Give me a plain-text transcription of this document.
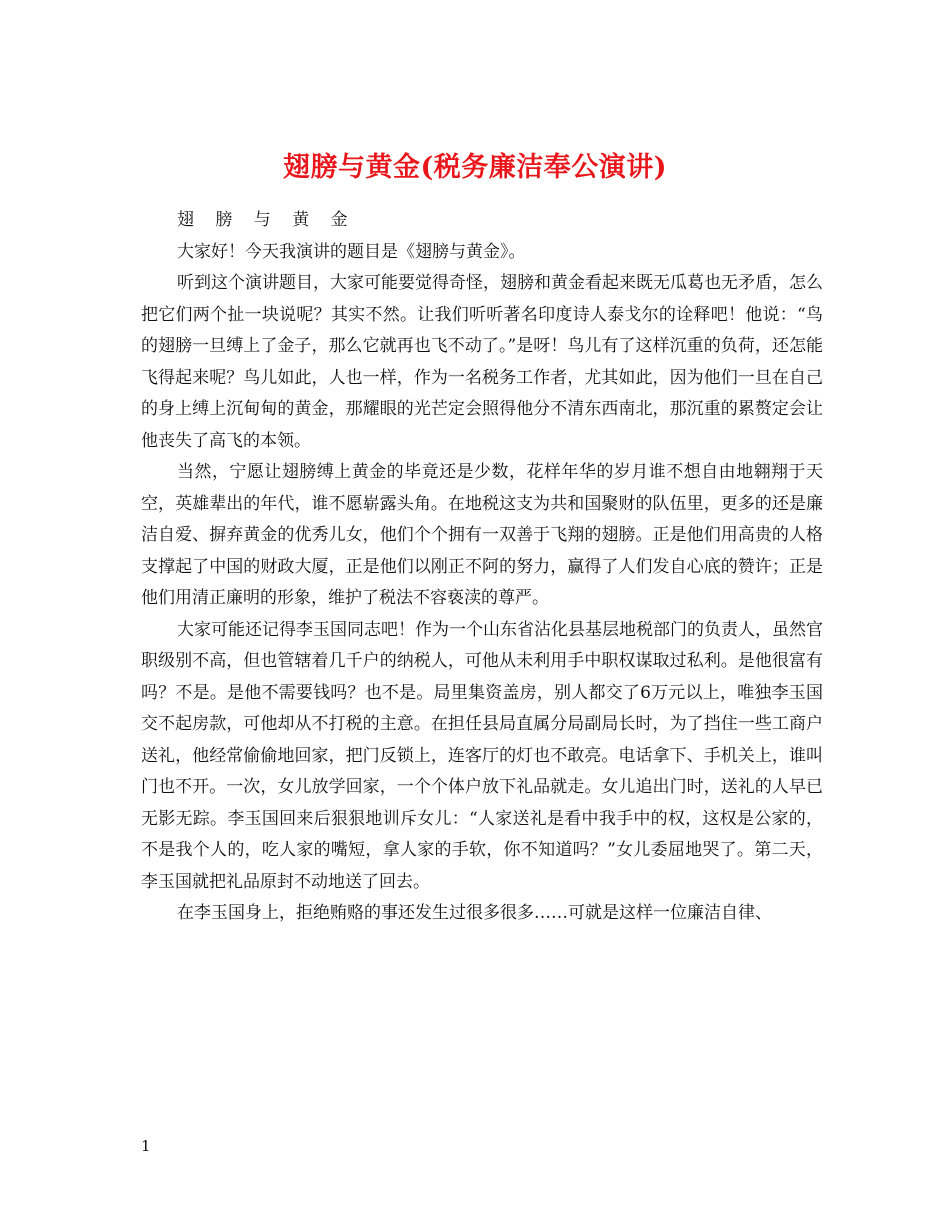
翅膀与黄金(税务廉洁奉公演讲)

翅 膀 与 黄 金

大家好！今天我演讲的题目是《翅膀与黄金》。

听到这个演讲题目，大家可能要觉得奇怪，翅膀和黄金看起来既无瓜葛也无矛盾，怎么把它们两个扯一块说呢？其实不然。让我们听听著名印度诗人泰戈尔的诠释吧！他说：“鸟的翅膀一旦缚上了金子，那么它就再也飞不动了。”是呀！鸟儿有了这样沉重的负荷，还怎能飞得起来呢？鸟儿如此，人也一样，作为一名税务工作者，尤其如此，因为他们一旦在自己的身上缚上沉甸甸的黄金，那耀眼的光芒定会照得他分不清东西南北，那沉重的累赘定会让他丧失了高飞的本领。

当然，宁愿让翅膀缚上黄金的毕竟还是少数，花样年华的岁月谁不想自由地翱翔于天空，英雄辈出的年代，谁不愿崭露头角。在地税这支为共和国聚财的队伍里，更多的还是廉洁自爱、摒弃黄金的优秀儿女，他们个个拥有一双善于飞翔的翅膀。正是他们用高贵的人格支撑起了中国的财政大厦，正是他们以刚正不阿的努力，赢得了人们发自心底的赞许；正是他们用清正廉明的形象，维护了税法不容亵渎的尊严。

大家可能还记得李玉国同志吧！作为一个山东省沾化县基层地税部门的负责人，虽然官职级别不高，但也管辖着几千户的纳税人，可他从未利用手中职权谋取过私利。是他很富有吗？不是。是他不需要钱吗？也不是。局里集资盖房，别人都交了6万元以上，唯独李玉国交不起房款，可他却从不打税的主意。在担任县局直属分局副局长时，为了挡住一些工商户送礼，他经常偷偷地回家，把门反锁上，连客厅的灯也不敢亮。电话拿下、手机关上，谁叫门也不开。一次，女儿放学回家，一个个体户放下礼品就走。女儿追出门时，送礼的人早已无影无踪。李玉国回来后狠狠地训斥女儿：“人家送礼是看中我手中的权，这权是公家的，不是我个人的，吃人家的嘴短，拿人家的手软，你不知道吗？”女儿委屈地哭了。第二天，李玉国就把礼品原封不动地送了回去。

在李玉国身上，拒绝贿赂的事还发生过很多很多……可就是这样一位廉洁自律、

1
